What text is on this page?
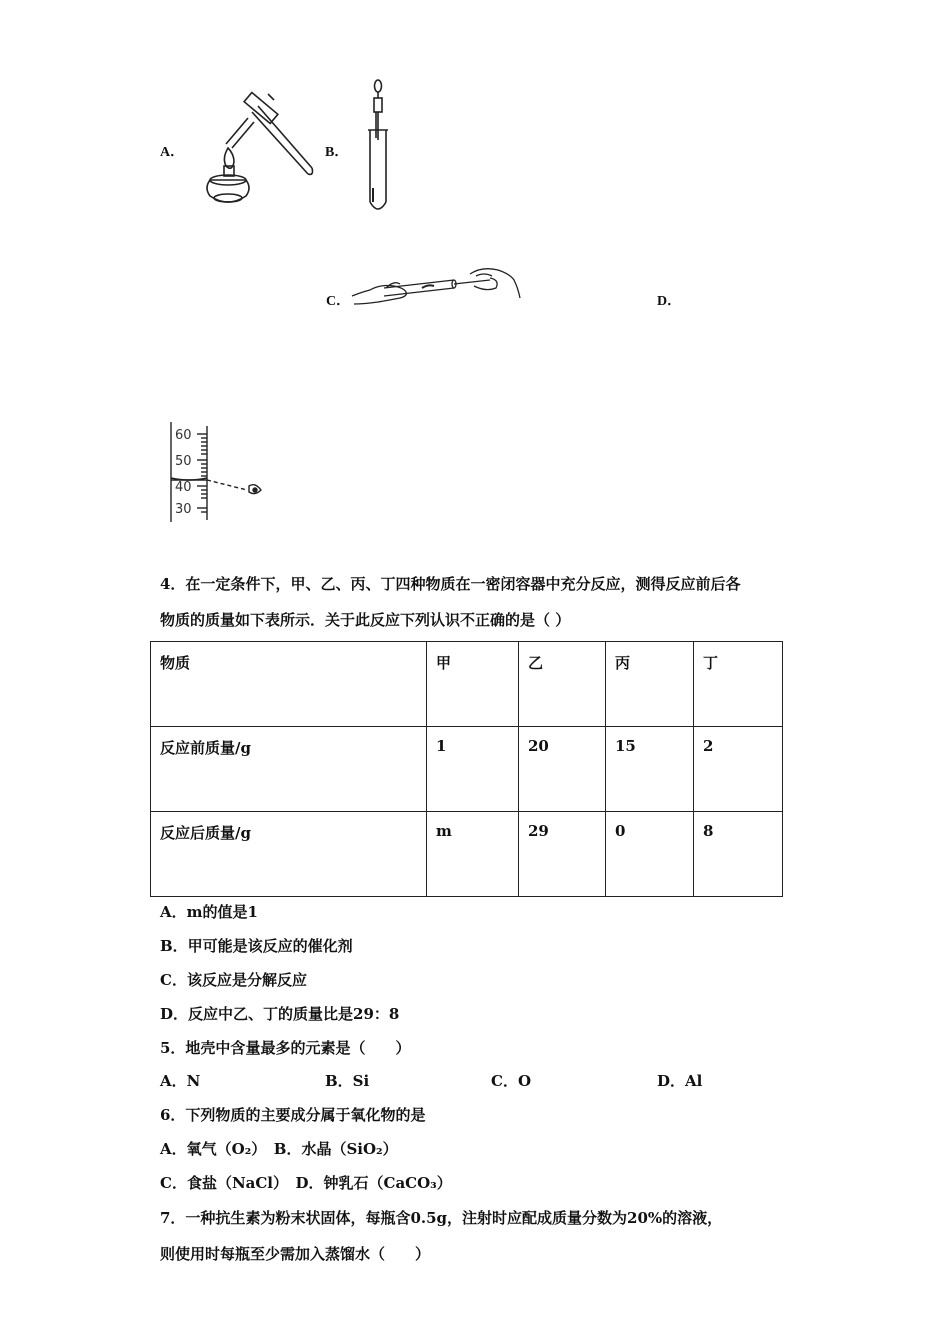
A．	B．
C．	D．
60
50
40
30
4．在一定条件下，甲、乙、丙、丁四种物质在一密闭容器中充分反应，测得反应前后各
物质的质量如下表所示．关于此反应下列认识不正确的是（ ）
物质	甲	乙	丙	丁
反应前质量/g	1	20	15	2
反应后质量/g	m	29	0	8
A．m的值是1
B．甲可能是该反应的催化剂
C．该反应是分解反应
D．反应中乙、丁的质量比是29：8
5．地壳中含量最多的元素是（　　）
A．N	B．Si	C．O	D．Al
6．下列物质的主要成分属于氧化物的是
A．氧气（O₂）　B．水晶（SiO₂）
C．食盐（NaCl）　D．钟乳石（CaCO₃）
7．一种抗生素为粉末状固体，每瓶含0.5g，注射时应配成质量分数为20%的溶液，
则使用时每瓶至少需加入蒸馏水（　　）
